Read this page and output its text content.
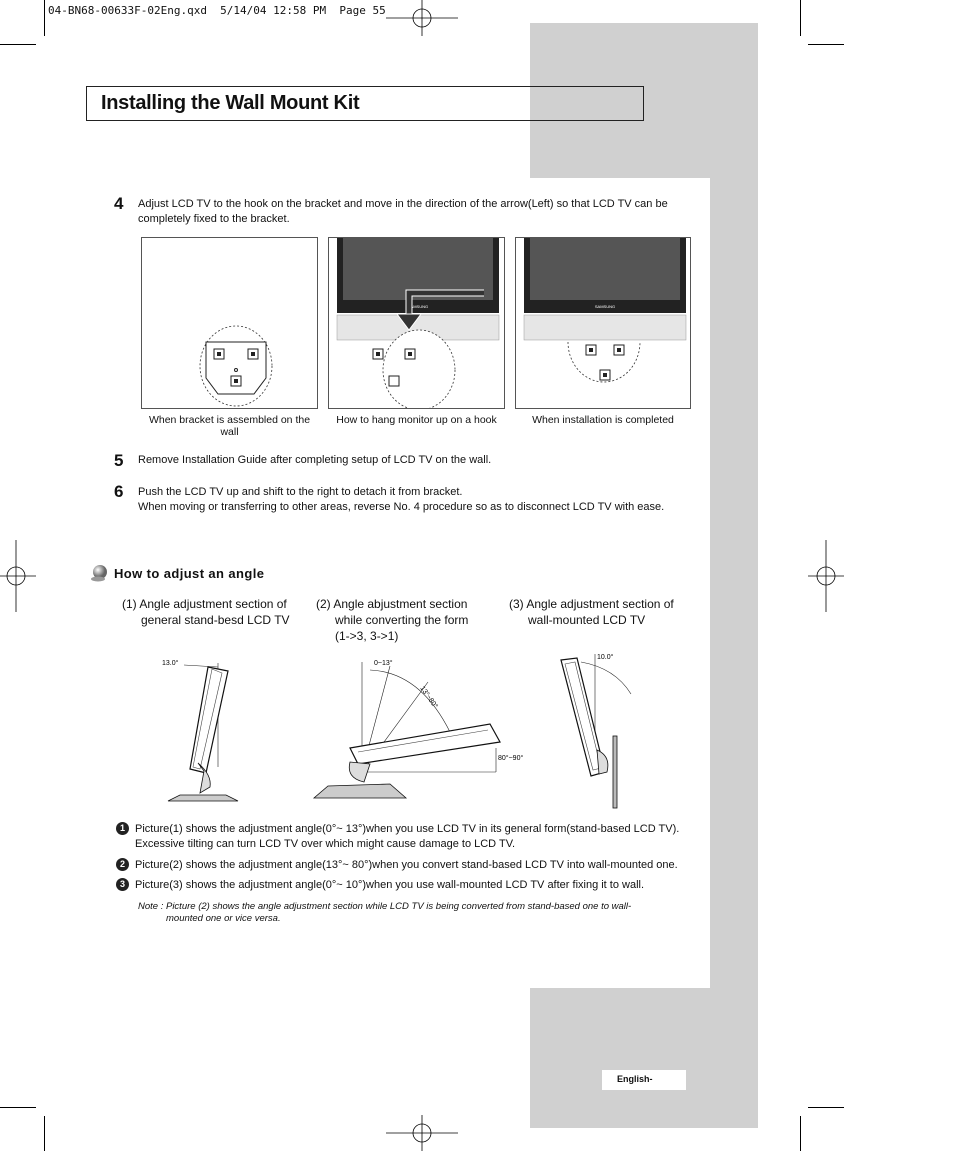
04-BN68-00633F-02Eng.qxd  5/14/04 12:58 PM  Page 55
Installing the Wall Mount Kit
4 Adjust LCD TV to the hook on the bracket and move in the direction of the arrow(Left) so that LCD TV can be completely fixed to the bracket.
SAMSUNG	SAMSUNG
When bracket is assembled on the wall
How to hang monitor up on a hook	When installation is completed
5 Remove Installation Guide after completing setup of LCD TV on the wall.
6 Push the LCD TV up and shift to the right to detach it from bracket.
When moving or transferring to other areas, reverse No. 4 procedure so as to disconnect LCD TV with ease.
How to adjust an angle
(1) Angle adjustment section of
general stand-besd LCD TV
(2) Angle abjustment section
while converting the form
(1->3, 3->1)
(3) Angle adjustment section of
wall-mounted LCD TV
13.0°	0~13°
13°~80°
80°~90°
10.0°
1 Picture(1) shows the adjustment angle(0°~ 13°)when you use LCD TV in its general form(stand-based LCD TV).
Excessive tilting can turn LCD TV over which might cause damage to LCD TV.
2 Picture(2) shows the adjustment angle(13°~ 80°)when you convert stand-based LCD TV into wall-mounted one.
3 Picture(3) shows the adjustment angle(0°~ 10°)when you use wall-mounted LCD TV after fixing it to wall.
Note : Picture (2) shows the angle adjustment section while LCD TV is being converted from stand-based one to wall-
mounted one or vice versa.
English-
